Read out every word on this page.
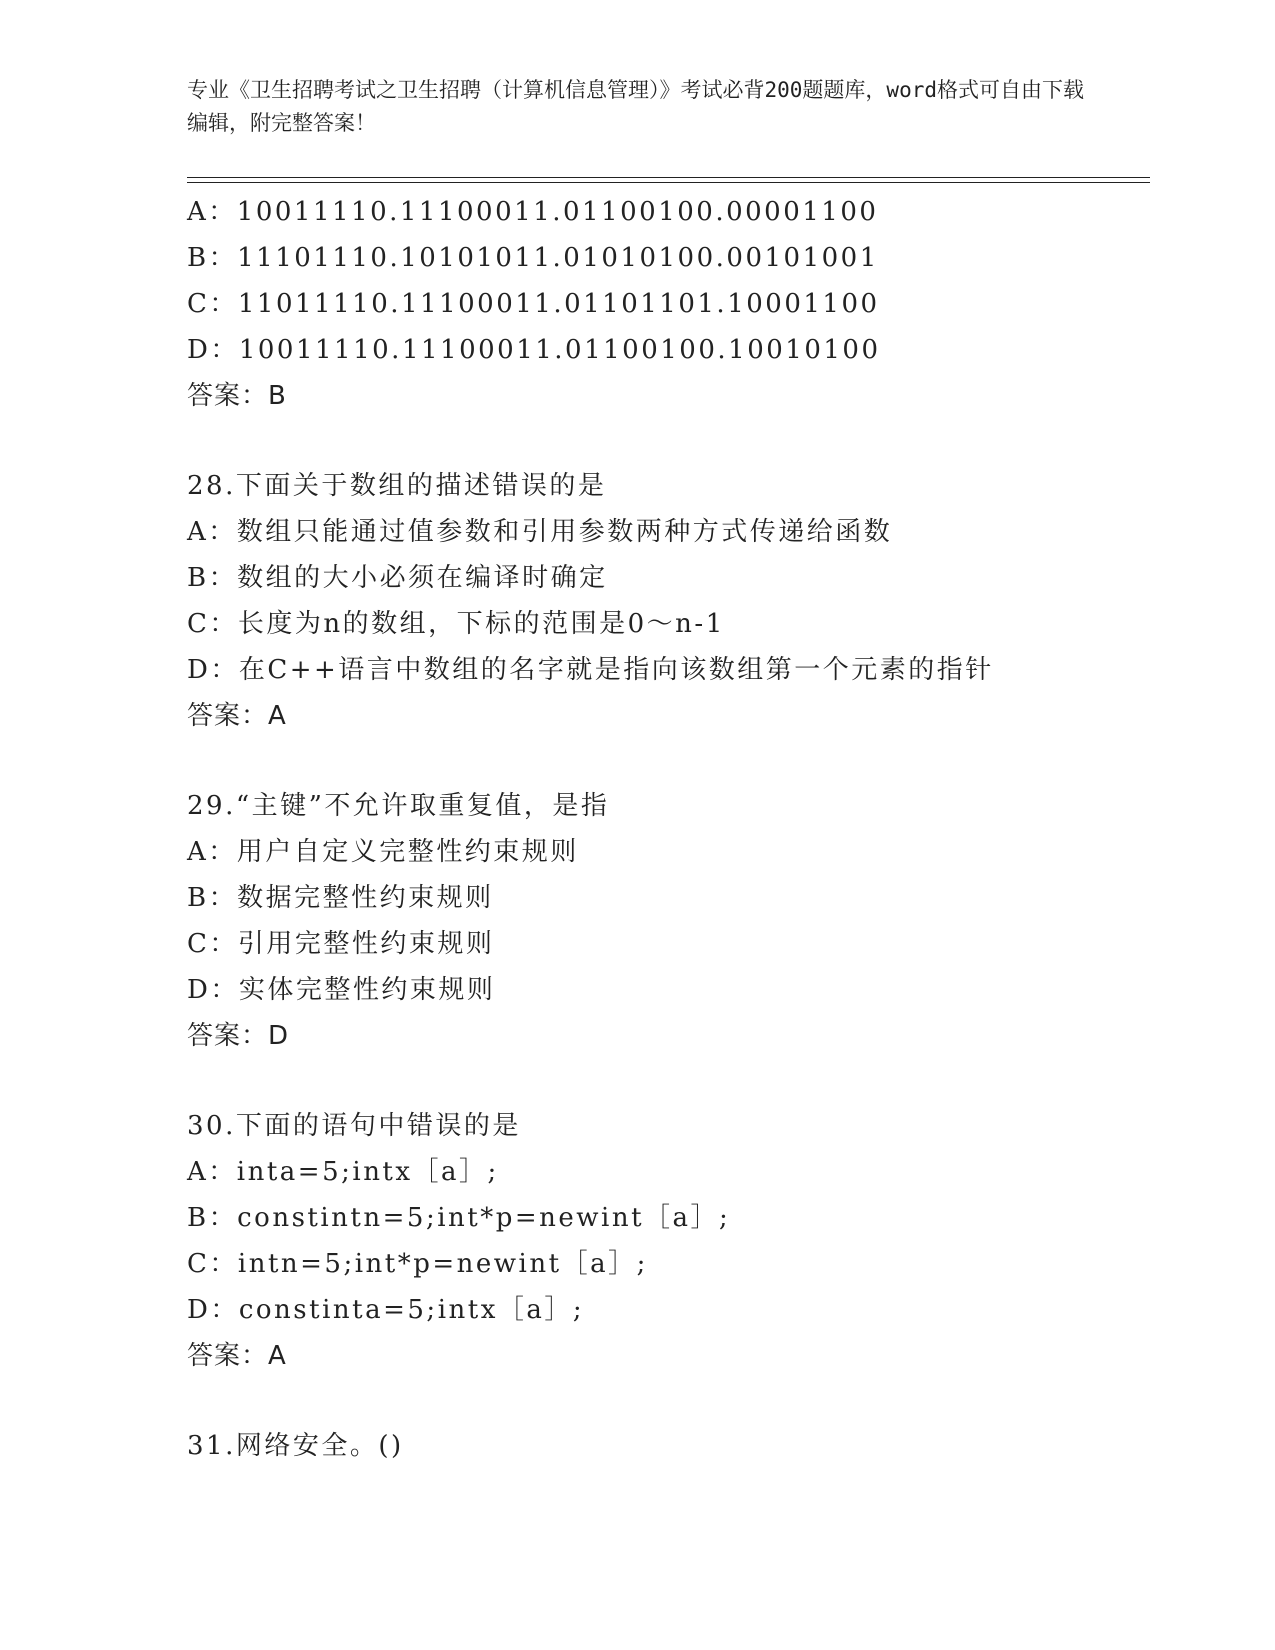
专业《卫生招聘考试之卫生招聘（计算机信息管理）》考试必背200题题库，word格式可自由下载编辑，附完整答案！
A：10011110.11100011.01100100.00001100
B：11101110.10101011.01010100.00101001
C：11011110.11100011.01101101.10001100
D：10011110.11100011.01100100.10010100
答案：B
28.下面关于数组的描述错误的是
A：数组只能通过值参数和引用参数两种方式传递给函数
B：数组的大小必须在编译时确定
C：长度为n的数组，下标的范围是0～n-1
D：在C++语言中数组的名字就是指向该数组第一个元素的指针
答案：A
29.“主键”不允许取重复值，是指
A：用户自定义完整性约束规则
B：数据完整性约束规则
C：引用完整性约束规则
D：实体完整性约束规则
答案：D
30.下面的语句中错误的是
A：inta=5;intx［a］;
B：constintn=5;int*p=newint［a］;
C：intn=5;int*p=newint［a］;
D：constinta=5;intx［a］;
答案：A
31.网络安全。()
